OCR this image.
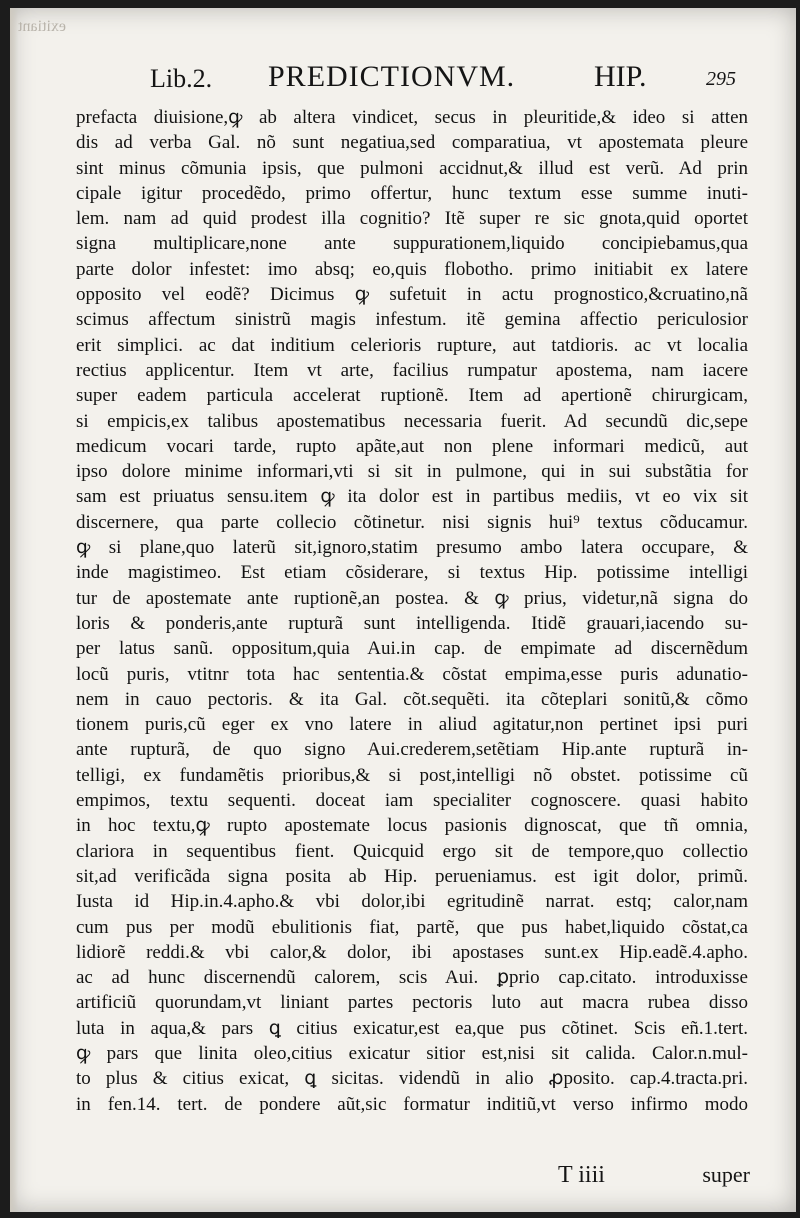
exitiant
Lib.2. PREDICTIONVM.	HIP.	295
prefacta diuisione,ꝙ ab altera vindicet, secus in pleuritide,& ideo si atten
dis ad verba Gal. nõ sunt negatiua,sed comparatiua, vt apostemata pleure
sint minus cõmunia ipsis, que pulmoni accidnut,& illud est verũ. Ad prin
cipale igitur procedẽdo, primo offertur, hunc textum esse summe inuti-
lem. nam ad quid prodest illa cognitio? Itẽ super re sic gnota,quid oportet
signa multiplicare,none ante suppurationem,liquido concipiebamus,qua
parte dolor infestet: imo absq; eo,quis flobotho. primo initiabit ex latere
opposito vel eodẽ? Dicimus ꝙ sufetuit in actu prognostico,&cruatino,nã
scimus affectum sinistrũ magis infestum. itẽ gemina affectio periculosior
erit simplici. ac dat inditium celerioris rupture, aut tatdioris. ac vt localia
rectius applicentur. Item vt arte, facilius rumpatur apostema, nam iacere
super eadem particula accelerat ruptionẽ. Item ad apertionẽ chirurgicam,
si empicis,ex talibus apostematibus necessaria fuerit. Ad secundũ dic,sepe
medicum vocari tarde, rupto apãte,aut non plene informari medicũ, aut
ipso dolore minime informari,vti si sit in pulmone, qui in sui substãtia for
sam est priuatus sensu.item ꝙ ita dolor est in partibus mediis, vt eo vix sit
discernere, qua parte collecio cõtinetur. nisi signis hui⁹ textus cõducamur.
ꝙ si plane,quo laterũ sit,ignoro,statim presumo ambo latera occupare, &
inde magistimeo. Est etiam cõsiderare, si textus Hip. potissime intelligi
tur de apostemate ante ruptionẽ,an postea. & ꝙ prius, videtur,nã signa do
loris & ponderis,ante rupturã sunt intelligenda. Itidẽ grauari,iacendo su-
per latus sanũ. oppositum,quia Aui.in cap. de empimate ad discernẽdum
locũ puris, vtitnr tota hac sententia.& cõstat empima,esse puris adunatio-
nem in cauo pectoris. & ita Gal. cõt.sequẽti. ita cõteplari sonitũ,& cõmo
tionem puris,cũ eger ex vno latere in aliud agitatur,non pertinet ipsi puri
ante rupturã, de quo signo Aui.crederem,setẽtiam Hip.ante rupturã in-
telligi, ex fundamẽtis prioribus,& si post,intelligi nõ obstet. potissime cũ
empimos, textu sequenti. doceat iam specialiter cognoscere. quasi habito
in hoc textu,ꝙ rupto apostemate locus pasionis dignoscat, que tñ omnia,
clariora in sequentibus fient. Quicquid ergo sit de tempore,quo collectio
sit,ad verificãda signa posita ab Hip. perueniamus. est igit dolor, primũ.
Iusta id Hip.in.4.apho.& vbi dolor,ibi egritudinẽ narrat. estq; calor,nam
cum pus per modũ ebulitionis fiat, partẽ, que pus habet,liquido cõstat,ca
lidiorẽ reddi.& vbi calor,& dolor, ibi apostases sunt.ex Hip.eadẽ.4.apho.
ac ad hunc discernendũ calorem, scis Aui. ꝑprio cap.citato. introduxisse
artificiũ quorundam,vt liniant partes pectoris luto aut macra rubea disso
luta in aqua,& pars ꝗ citius exicatur,est ea,que pus cõtinet. Scis eñ.1.tert.
ꝙ pars que linita oleo,citius exicatur sitior est,nisi sit calida. Calor.n.mul-
to plus & citius exicat, ꝗ sicitas. videndũ in alio ꝓposito. cap.4.tracta.pri.
in fen.14. tert. de pondere aũt,sic formatur inditiũ,vt verso infirmo modo
T iiii	super
